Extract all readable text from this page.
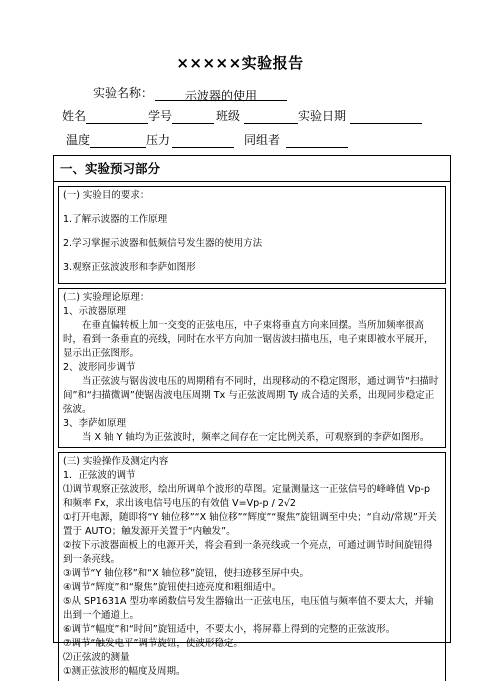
×××××实验报告
实验名称：	示波器的使用
姓名	学号	班级	实验日期
温度	压力	同组者
一、实验预习部分

(一) 实验目的要求：

1.了解示波器的工作原理

2.学习掌握示波器和低频信号发生器的使用方法

3.观察正弦波波形和李萨如图形

(二) 实验理论原理：

1、示波器原理

在垂直偏转板上加一交变的正弦电压，中子束将垂直方向来回摆。当所加频率很高时，看到一条垂直的亮线，同时在水平方向加一锯齿波扫描电压，电子束即被水平展开，显示出正弦图形。

2、波形同步调节

当正弦波与锯齿波电压的周期稍有不同时，出现移动的不稳定图形，通过调节“扫描时间”和“扫描微调”使锯齿波电压周期 Tx 与正弦波周期 Ty 成合适的关系，出现同步稳定正弦波。

3、李萨如原理

当 X 轴 Y 轴均为正弦波时，频率之间存在一定比例关系，可观察到的李萨如图形。

(三) 实验操作及测定内容

1．正弦波的调节

⑴调节观察正弦波形，绘出所调单个波形的草图。定量测量这一正弦信号的峰峰值 Vp-p 和频率 Fx，求出该电信号电压的有效值 V=Vp-p / 2√2

①打开电源，随即将“Y 轴位移”“X 轴位移”“辉度”“聚焦”旋钮调至中央；“自动/常规”开关置于 AUTO；触发源开关置于“内触发”。

②按下示波器面板上的电源开关，将会看到一条亮线或一个亮点，可通过调节时间旋钮得到一条亮线。

③调节“Y 轴位移”和“X 轴位移”旋钮，使扫迹移至屏中央。

④调节“辉度”和“聚焦”旋钮使扫迹亮度和粗细适中。

⑤从 SP1631A 型功率函数信号发生器输出一正弦电压，电压值与频率值不要太大，并输出到一个通道上。

⑥调节“幅度”和“时间”旋钮适中，不要太小，将屏幕上得到的完整的正弦波形。

⑦调节“触发电平”调节旋钮，使波形稳定。

⑵正弦波的测量

①测正弦波形的幅度及周期。
